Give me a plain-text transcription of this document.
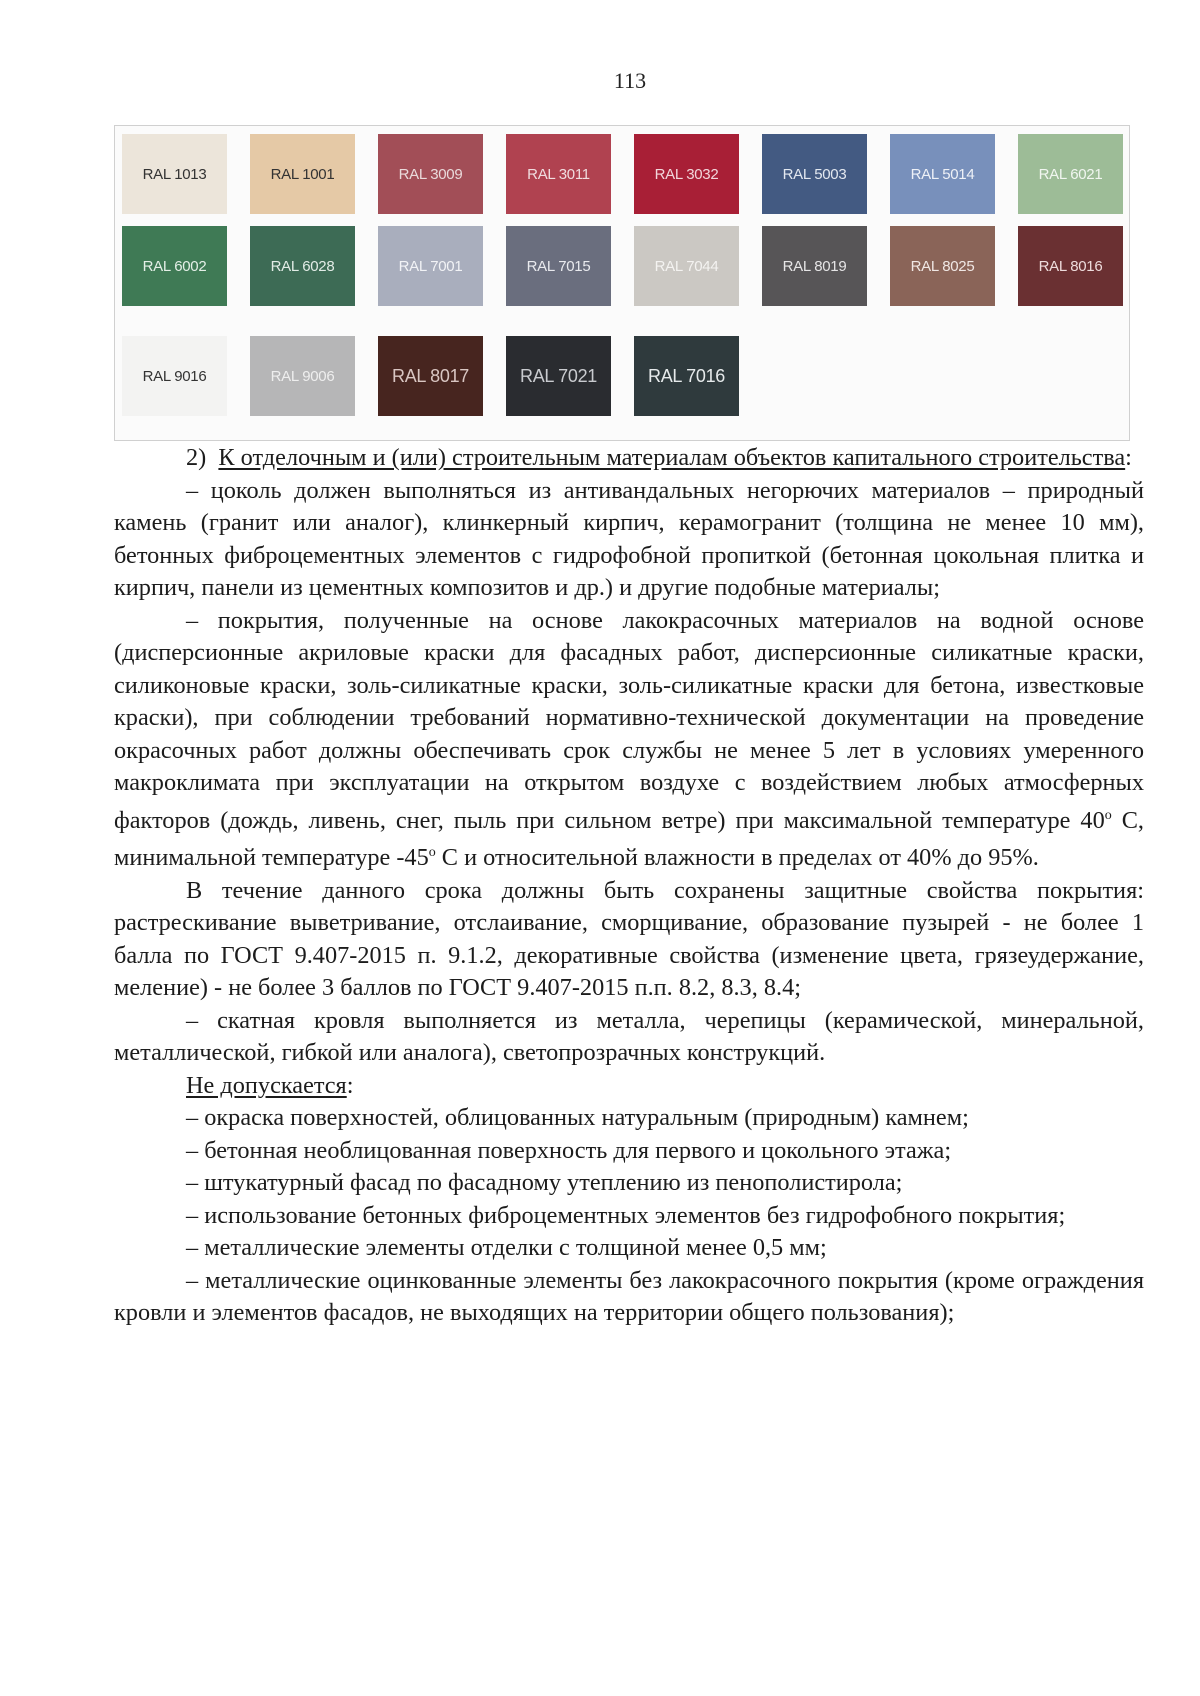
113
RAL 1013	RAL 1001	RAL 3009	RAL 3011	RAL 3032	RAL 5003	RAL 5014	RAL 6021
RAL 6002	RAL 6028	RAL 7001	RAL 7015	RAL 7044	RAL 8019	RAL 8025	RAL 8016
RAL 9016	RAL 9006	RAL 8017	RAL 7021	RAL 7016

2) К отделочным и (или) строительным материалам объектов капитального строительства:

– цоколь должен выполняться из антивандальных негорючих материалов – природный камень (гранит или аналог), клинкерный кирпич, керамогранит (толщина не менее 10 мм), бетонных фиброцементных элементов с гидрофобной пропиткой (бетонная цокольная плитка и кирпич, панели из цементных композитов и др.) и другие подобные материалы;

– покрытия, полученные на основе лакокрасочных материалов на водной основе (дисперсионные акриловые краски для фасадных работ, дисперсионные силикатные краски, силиконовые краски, золь-силикатные краски, золь-силикатные краски для бетона, известковые краски), при соблюдении требований нормативно-технической документации на проведение окрасочных работ должны обеспечивать срок службы не менее 5 лет в условиях умеренного макроклимата при эксплуатации на открытом воздухе с воздействием любых атмосферных факторов (дождь, ливень, снег, пыль при сильном ветре) при максимальной температуре $40^о$ С, минимальной температуре $-45^о$ С и относительной влажности в пределах от 40% до 95%.

В течение данного срока должны быть сохранены защитные свойства покрытия: растрескивание выветривание, отслаивание, сморщивание, образование пузырей - не более 1 балла по ГОСТ 9.407-2015 п. 9.1.2, декоративные свойства (изменение цвета, грязеудержание, меление) - не более 3 баллов по ГОСТ 9.407-2015 п.п. 8.2, 8.3, 8.4;

– скатная кровля выполняется из металла, черепицы (керамической, минеральной, металлической, гибкой или аналога), светопрозрачных конструкций.

Не допускается:

– окраска поверхностей, облицованных натуральным (природным) камнем;

– бетонная необлицованная поверхность для первого и цокольного этажа;

– штукатурный фасад по фасадному утеплению из пенополистирола;

– использование бетонных фиброцементных элементов без гидрофобного покрытия;

– металлические элементы отделки с толщиной менее 0,5 мм;

– металлические оцинкованные элементы без лакокрасочного покрытия (кроме ограждения кровли и элементов фасадов, не выходящих на территории общего пользования);
